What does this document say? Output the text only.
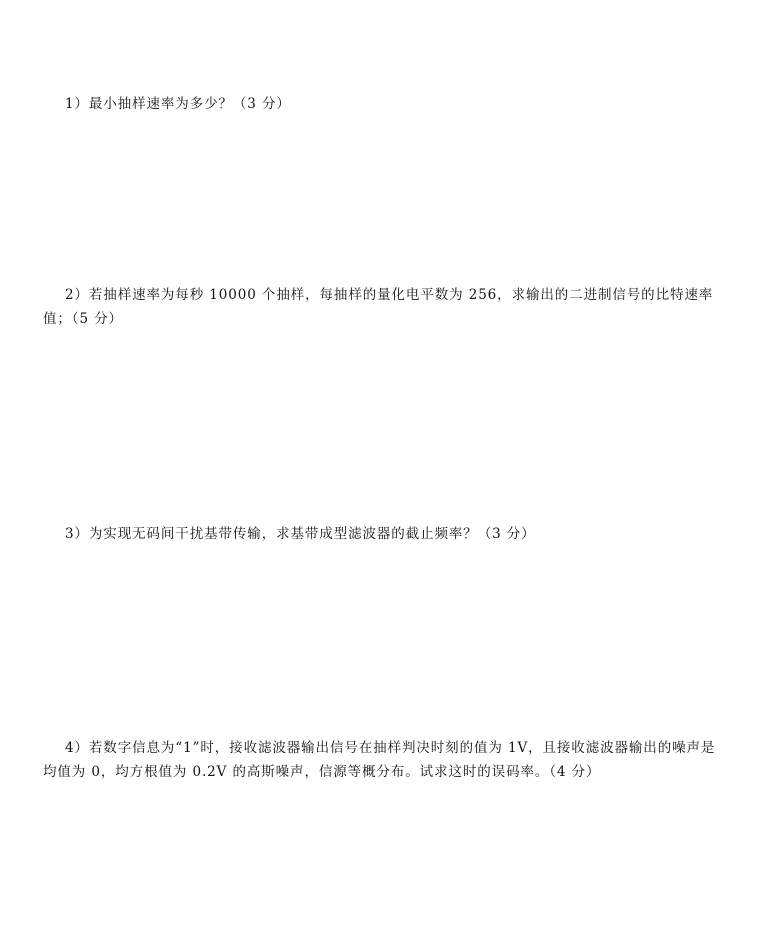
1）最小抽样速率为多少？（3 分）

2）若抽样速率为每秒 10000 个抽样，每抽样的量化电平数为 256，求输出的二进制信号的比特速率值；（5 分）

3）为实现无码间干扰基带传输，求基带成型滤波器的截止频率？（3 分）

4）若数字信息为“1”时，接收滤波器输出信号在抽样判决时刻的值为 1V，且接收滤波器输出的噪声是均值为 0，均方根值为 0.2V 的高斯噪声，信源等概分布。试求这时的误码率。（4 分）
